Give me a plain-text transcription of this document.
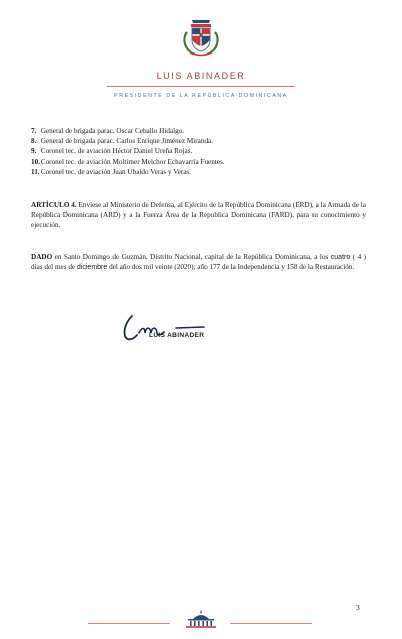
LUIS ABINADER
PRESIDENTE DE LA REPÚBLICA DOMINICANA
7. General de brigada parac. Oscar Ceballo Hidalgo.
8. General de brigada parac. Carlos Enrique Jiménez Miranda.
9. Coronel tec. de aviación Héctor Daniel Ureña Rojas.
10. Coronel tec. de aviación Moltimer Melchor Echavarría Fuentes.
11. Coronel tec. de aviación Juan Ubaldo Veras y Veras.

ARTÍCULO 4. Envíese al Ministerio de Defensa, al Ejército de la República Dominicana (ERD), a la Armada de la República Dominicana (ARD) y a la Fuerza Área de la Republica Dominicana (FARD), para su conocimiento y ejecución.

DADO en Santo Domingo de Guzmán, Distrito Nacional, capital de la República Dominicana, a los cuatro ( 4 ) días del mes de diciembre del año dos mil veinte (2020); año 177 de la Independencia y 158 de la Restauración.

LUIS ABINADER
3
